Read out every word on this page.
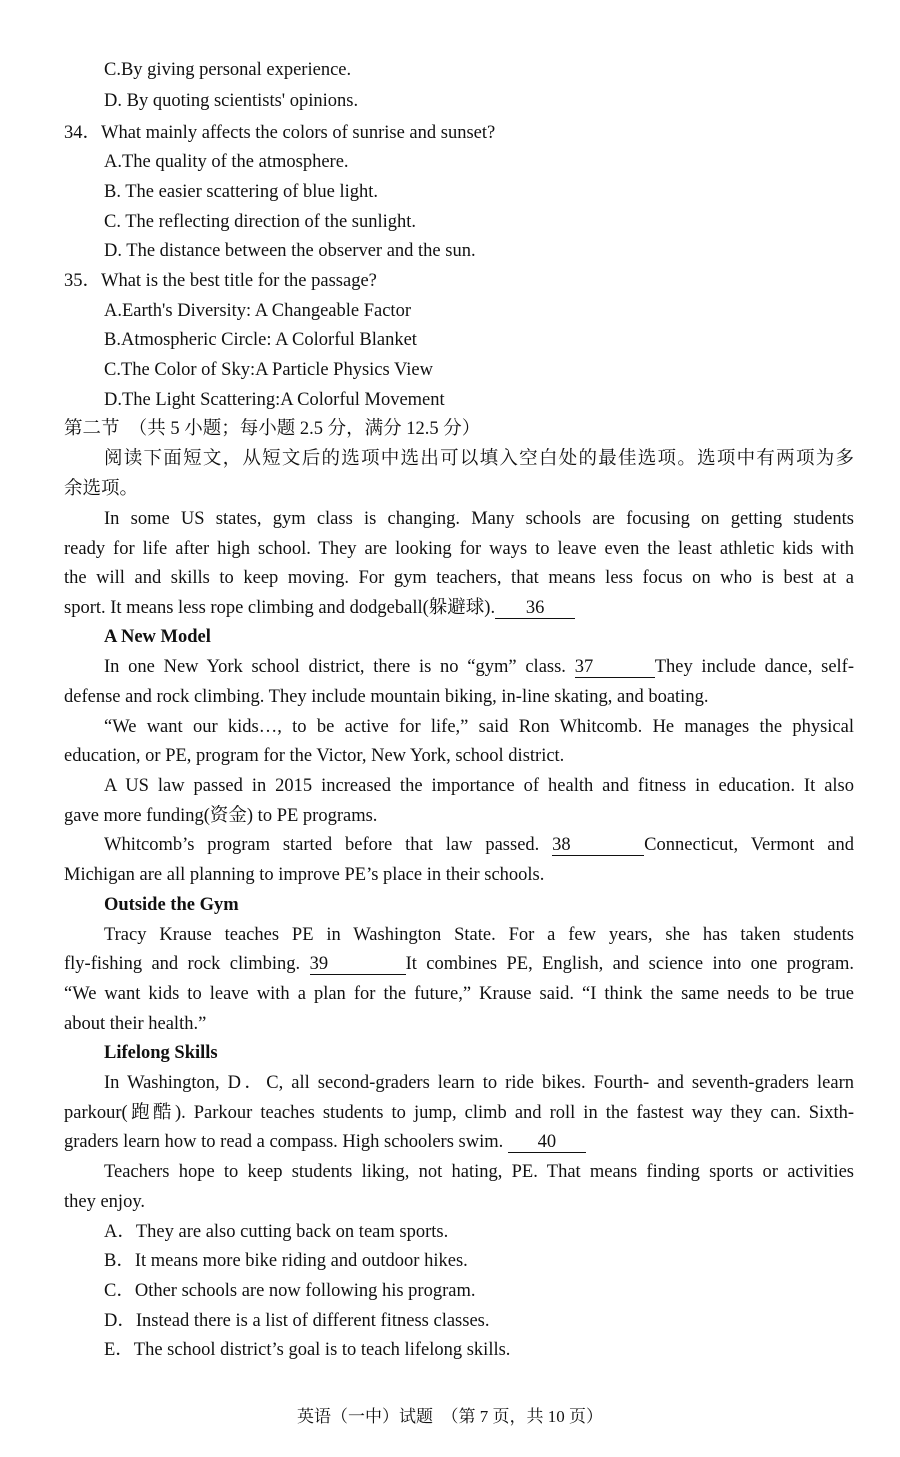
C.By giving personal experience.
D. By quoting scientists' opinions.
34．What mainly affects the colors of sunrise and sunset?
A.The quality of the atmosphere.
B. The easier scattering of blue light.
C. The reflecting direction of the sunlight.
D. The distance between the observer and the sun.
35．What is the best title for the passage?
A.Earth's Diversity: A Changeable Factor
B.Atmospheric Circle: A Colorful Blanket
C.The Color of Sky:A Particle Physics View
D.The Light Scattering:A Colorful Movement
第二节　（共 5 小题；每小题 2.5 分，满分 12.5 分）
阅读下面短文，从短文后的选项中选出可以填入空白处的最佳选项。选项中有两项为多
余选项。
In some US states, gym class is changing. Many schools are focusing on getting students
ready for life after high school. They are looking for ways to leave even the least athletic kids with
the will and skills to keep moving. For gym teachers, that means less focus on who is best at a
sport. It means less rope climbing and dodgeball(躲避球). 36
A New Model
In one New York school district, there is no “gym” class. 37	They include dance, self-
defense and rock climbing. They include mountain biking, in-line skating, and boating.
“We want our kids…, to be active for life,” said Ron Whitcomb. He manages the physical
education, or PE, program for the Victor, New York, school district.
A US law passed in 2015 increased the importance of health and fitness in education. It also
gave more funding(资金) to PE programs.
Whitcomb’s program started before that law passed. 38	Connecticut, Vermont and
Michigan are all planning to improve PE’s place in their schools.
Outside the Gym
Tracy Krause teaches PE in Washington State. For a few years, she has taken students
fly-fishing and rock climbing. 39	It combines PE, English, and science into one program.
“We want kids to leave with a plan for the future,” Krause said. “I think the same needs to be true
about their health.”
Lifelong Skills
In Washington, D．C, all second-graders learn to ride bikes. Fourth- and seventh-graders learn
parkour(跑酷). Parkour teaches students to jump, climb and roll in the fastest way they can. Sixth-
graders learn how to read a compass. High schoolers swim. 40
Teachers hope to keep students liking, not hating, PE. That means finding sports or activities
they enjoy.
A．They are also cutting back on team sports.
B．It means more bike riding and outdoor hikes.
C．Other schools are now following his program.
D．Instead there is a list of different fitness classes.
E．The school district’s goal is to teach lifelong skills.
英语（一中）试题　（第 7 页，共 10 页）
